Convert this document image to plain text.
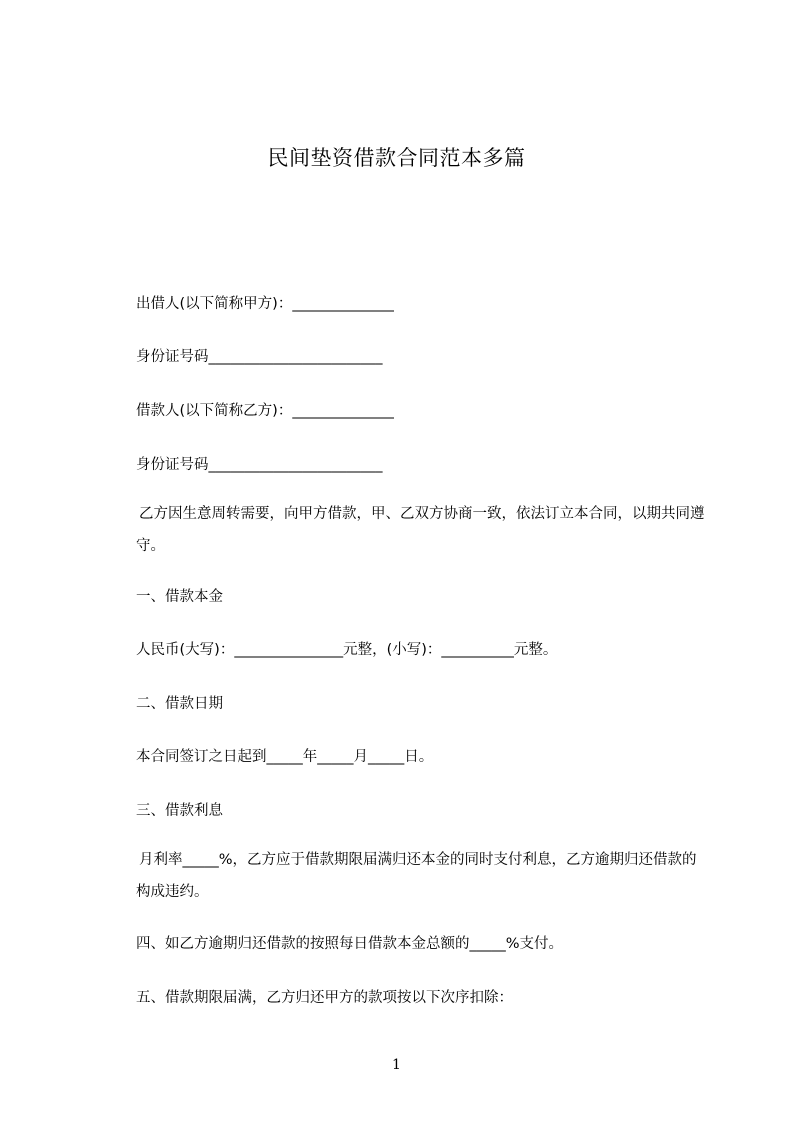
民间垫资借款合同范本多篇
出借人(以下简称甲方)：______________
身份证号码________________________
借款人(以下简称乙方)：______________
身份证号码________________________
乙方因生意周转需要，向甲方借款，甲、乙双方协商一致，依法订立本合同，以期共同遵守。
一、借款本金
人民币(大写)：_______________元整，(小写)：__________元整。
二、借款日期
本合同签订之日起到_____年_____月_____日。
三、借款利息
月利率_____%，乙方应于借款期限届满归还本金的同时支付利息，乙方逾期归还借款的构成违约。
四、如乙方逾期归还借款的按照每日借款本金总额的_____%支付。
五、借款期限届满，乙方归还甲方的款项按以下次序扣除：
1
